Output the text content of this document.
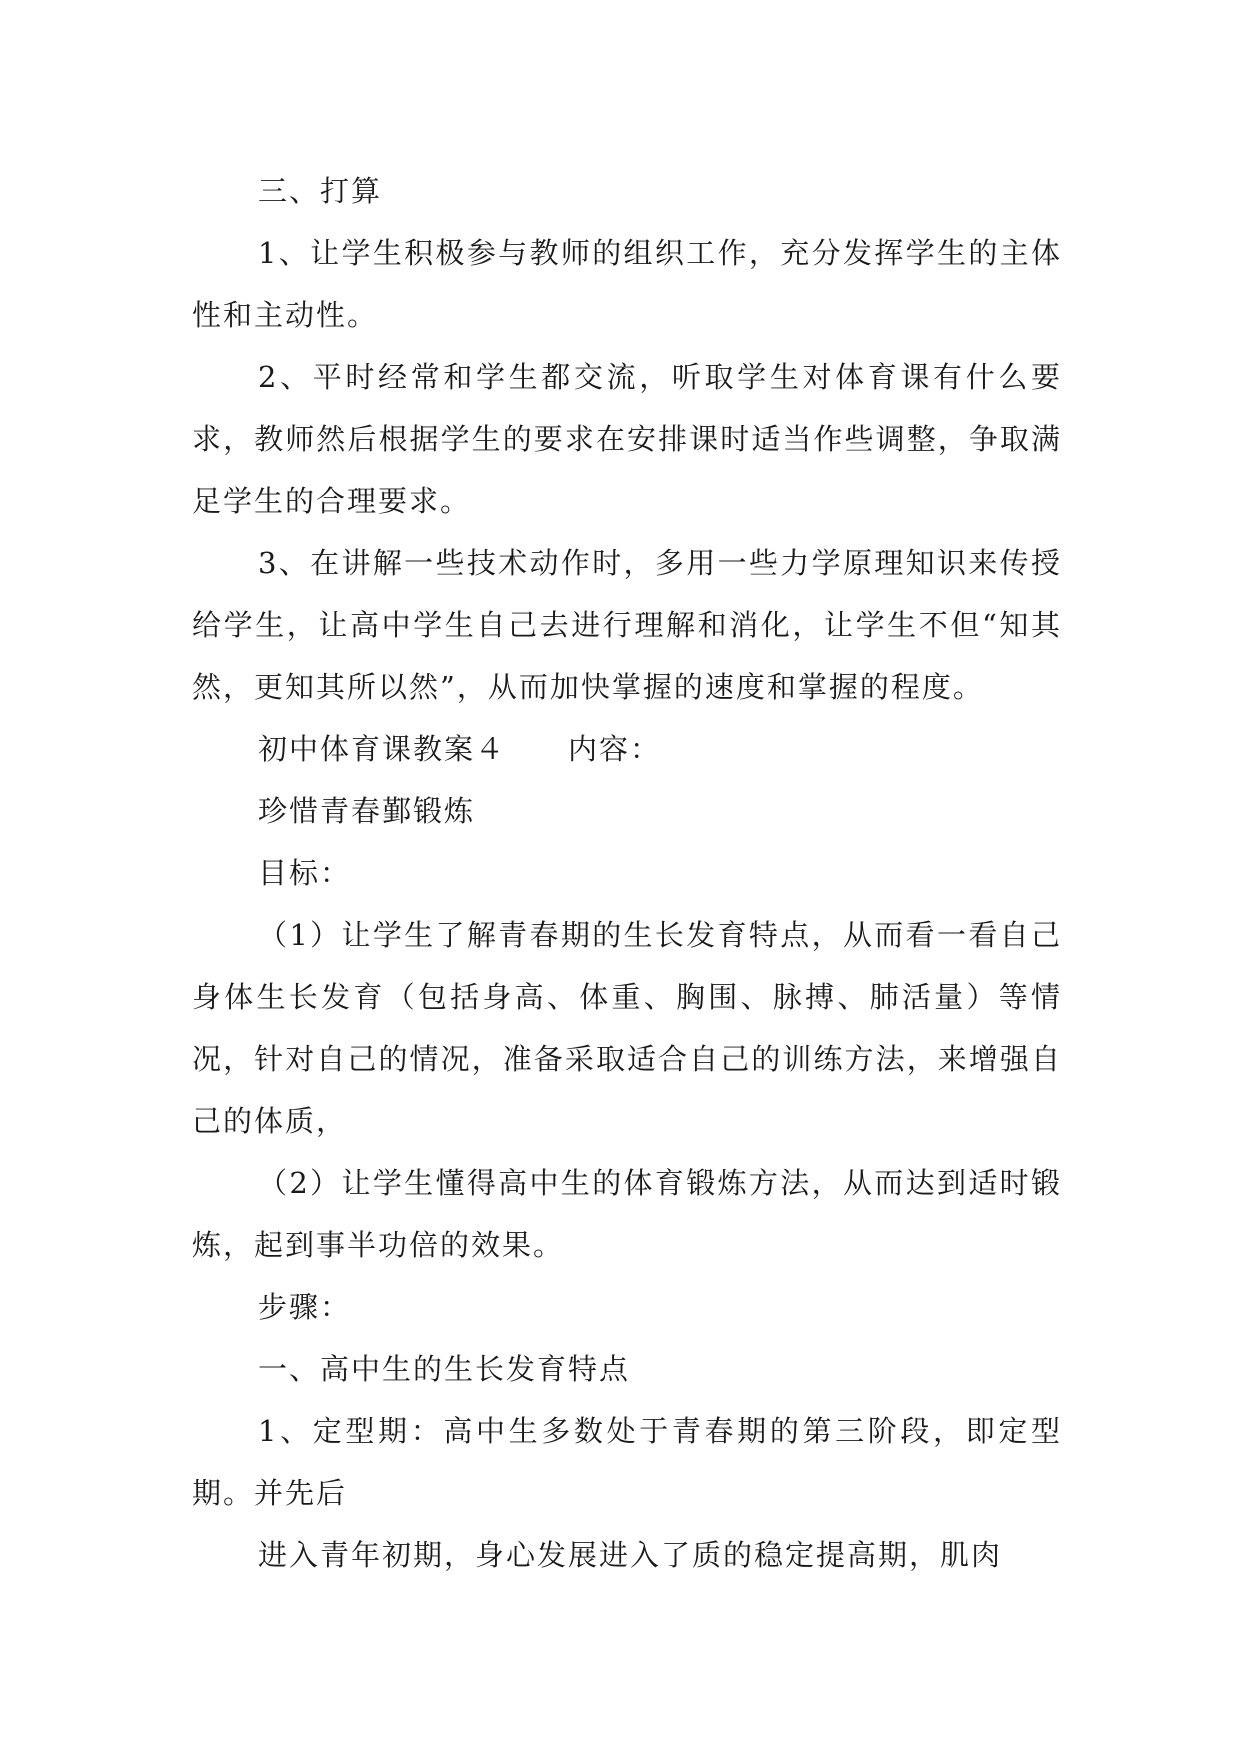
三、打算

1、让学生积极参与教师的组织工作，充分发挥学生的主体性和主动性。

2、平时经常和学生都交流，听取学生对体育课有什么要求，教师然后根据学生的要求在安排课时适当作些调整，争取满足学生的合理要求。

3、在讲解一些技术动作时，多用一些力学原理知识来传授给学生，让高中学生自己去进行理解和消化，让学生不但“知其然，更知其所以然”，从而加快掌握的速度和掌握的程度。

初中体育课教案４　　内容：

珍惜青春鄞锻炼

目标：

（1）让学生了解青春期的生长发育特点，从而看一看自己身体生长发育（包括身高、体重、胸围、脉搏、肺活量）等情况，针对自己的情况，准备采取适合自己的训练方法，来增强自己的体质，

（2）让学生懂得高中生的体育锻炼方法，从而达到适时锻炼，起到事半功倍的效果。

步骤：

一、高中生的生长发育特点

1、定型期：高中生多数处于青春期的第三阶段，即定型期。并先后

进入青年初期，身心发展进入了质的稳定提高期，肌肉
